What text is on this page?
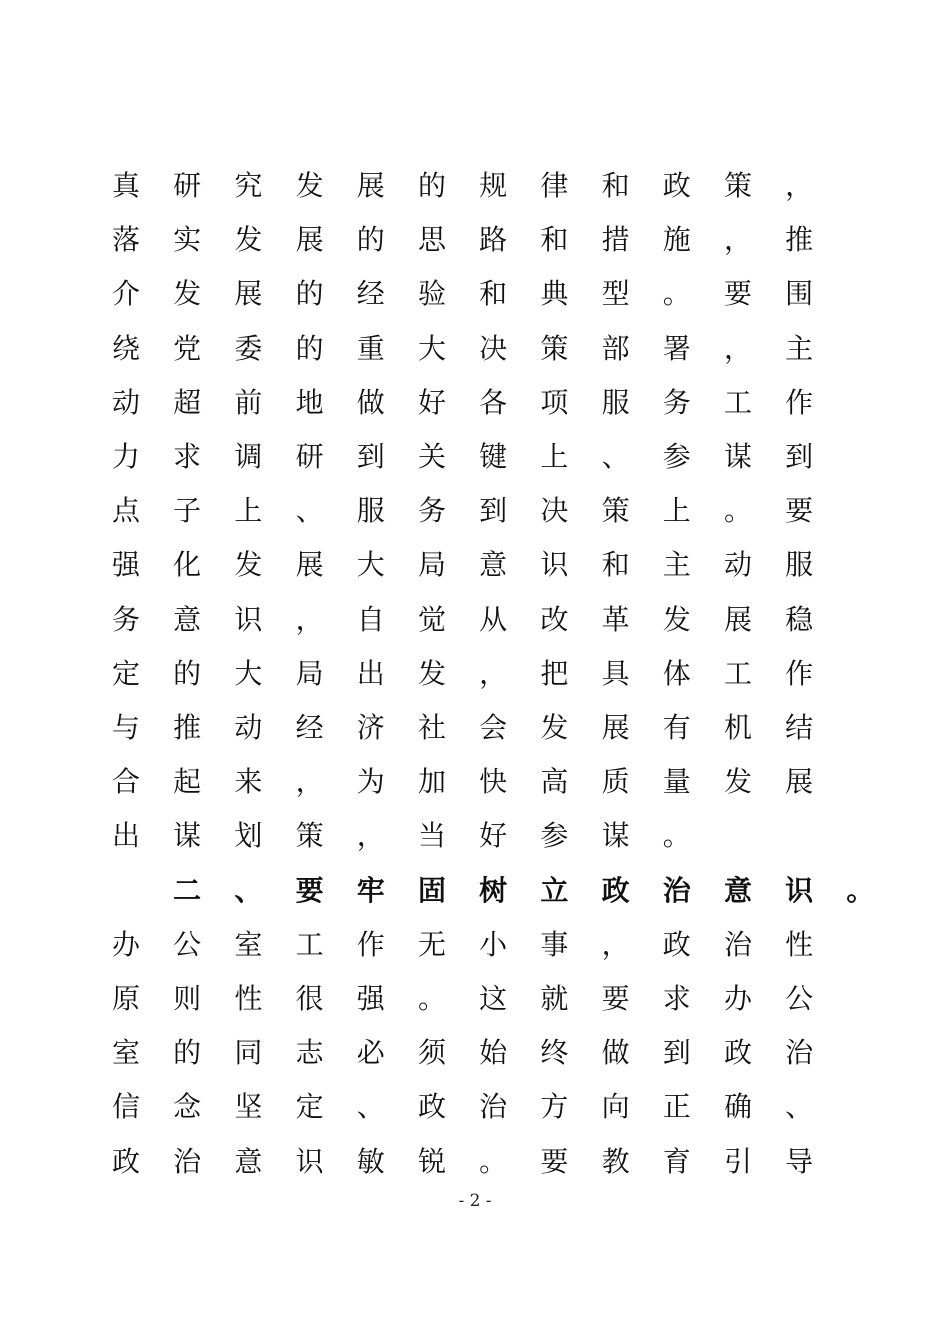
真 研 究 发 展 的 规 律 和 政 策 ，
落 实 发 展 的 思 路 和 措 施 ， 推
介 发 展 的 经 验 和 典 型 。 要 围
绕 党 委 的 重 大 决 策 部 署 ， 主
动 超 前 地 做 好 各 项 服 务 工 作
力 求 调 研 到 关 键 上 、 参 谋 到
点 子 上 、 服 务 到 决 策 上 。 要
强 化 发 展 大 局 意 识 和 主 动 服
务 意 识 ， 自 觉 从 改 革 发 展 稳
定 的 大 局 出 发 ， 把 具 体 工 作
与 推 动 经 济 社 会 发 展 有 机 结
合 起 来 ， 为 加 快 高 质 量 发 展
出 谋 划 策 ， 当 好 参 谋 。
二 、 要 牢 固 树 立 政 治 意 识 。
办 公 室 工 作 无 小 事 ， 政 治 性
原 则 性 很 强 。 这 就 要 求 办 公
室 的 同 志 必 须 始 终 做 到 政 治
信 念 坚 定 、 政 治 方 向 正 确 、
政 治 意 识 敏 锐 。 要 教 育 引 导
- 2 -
